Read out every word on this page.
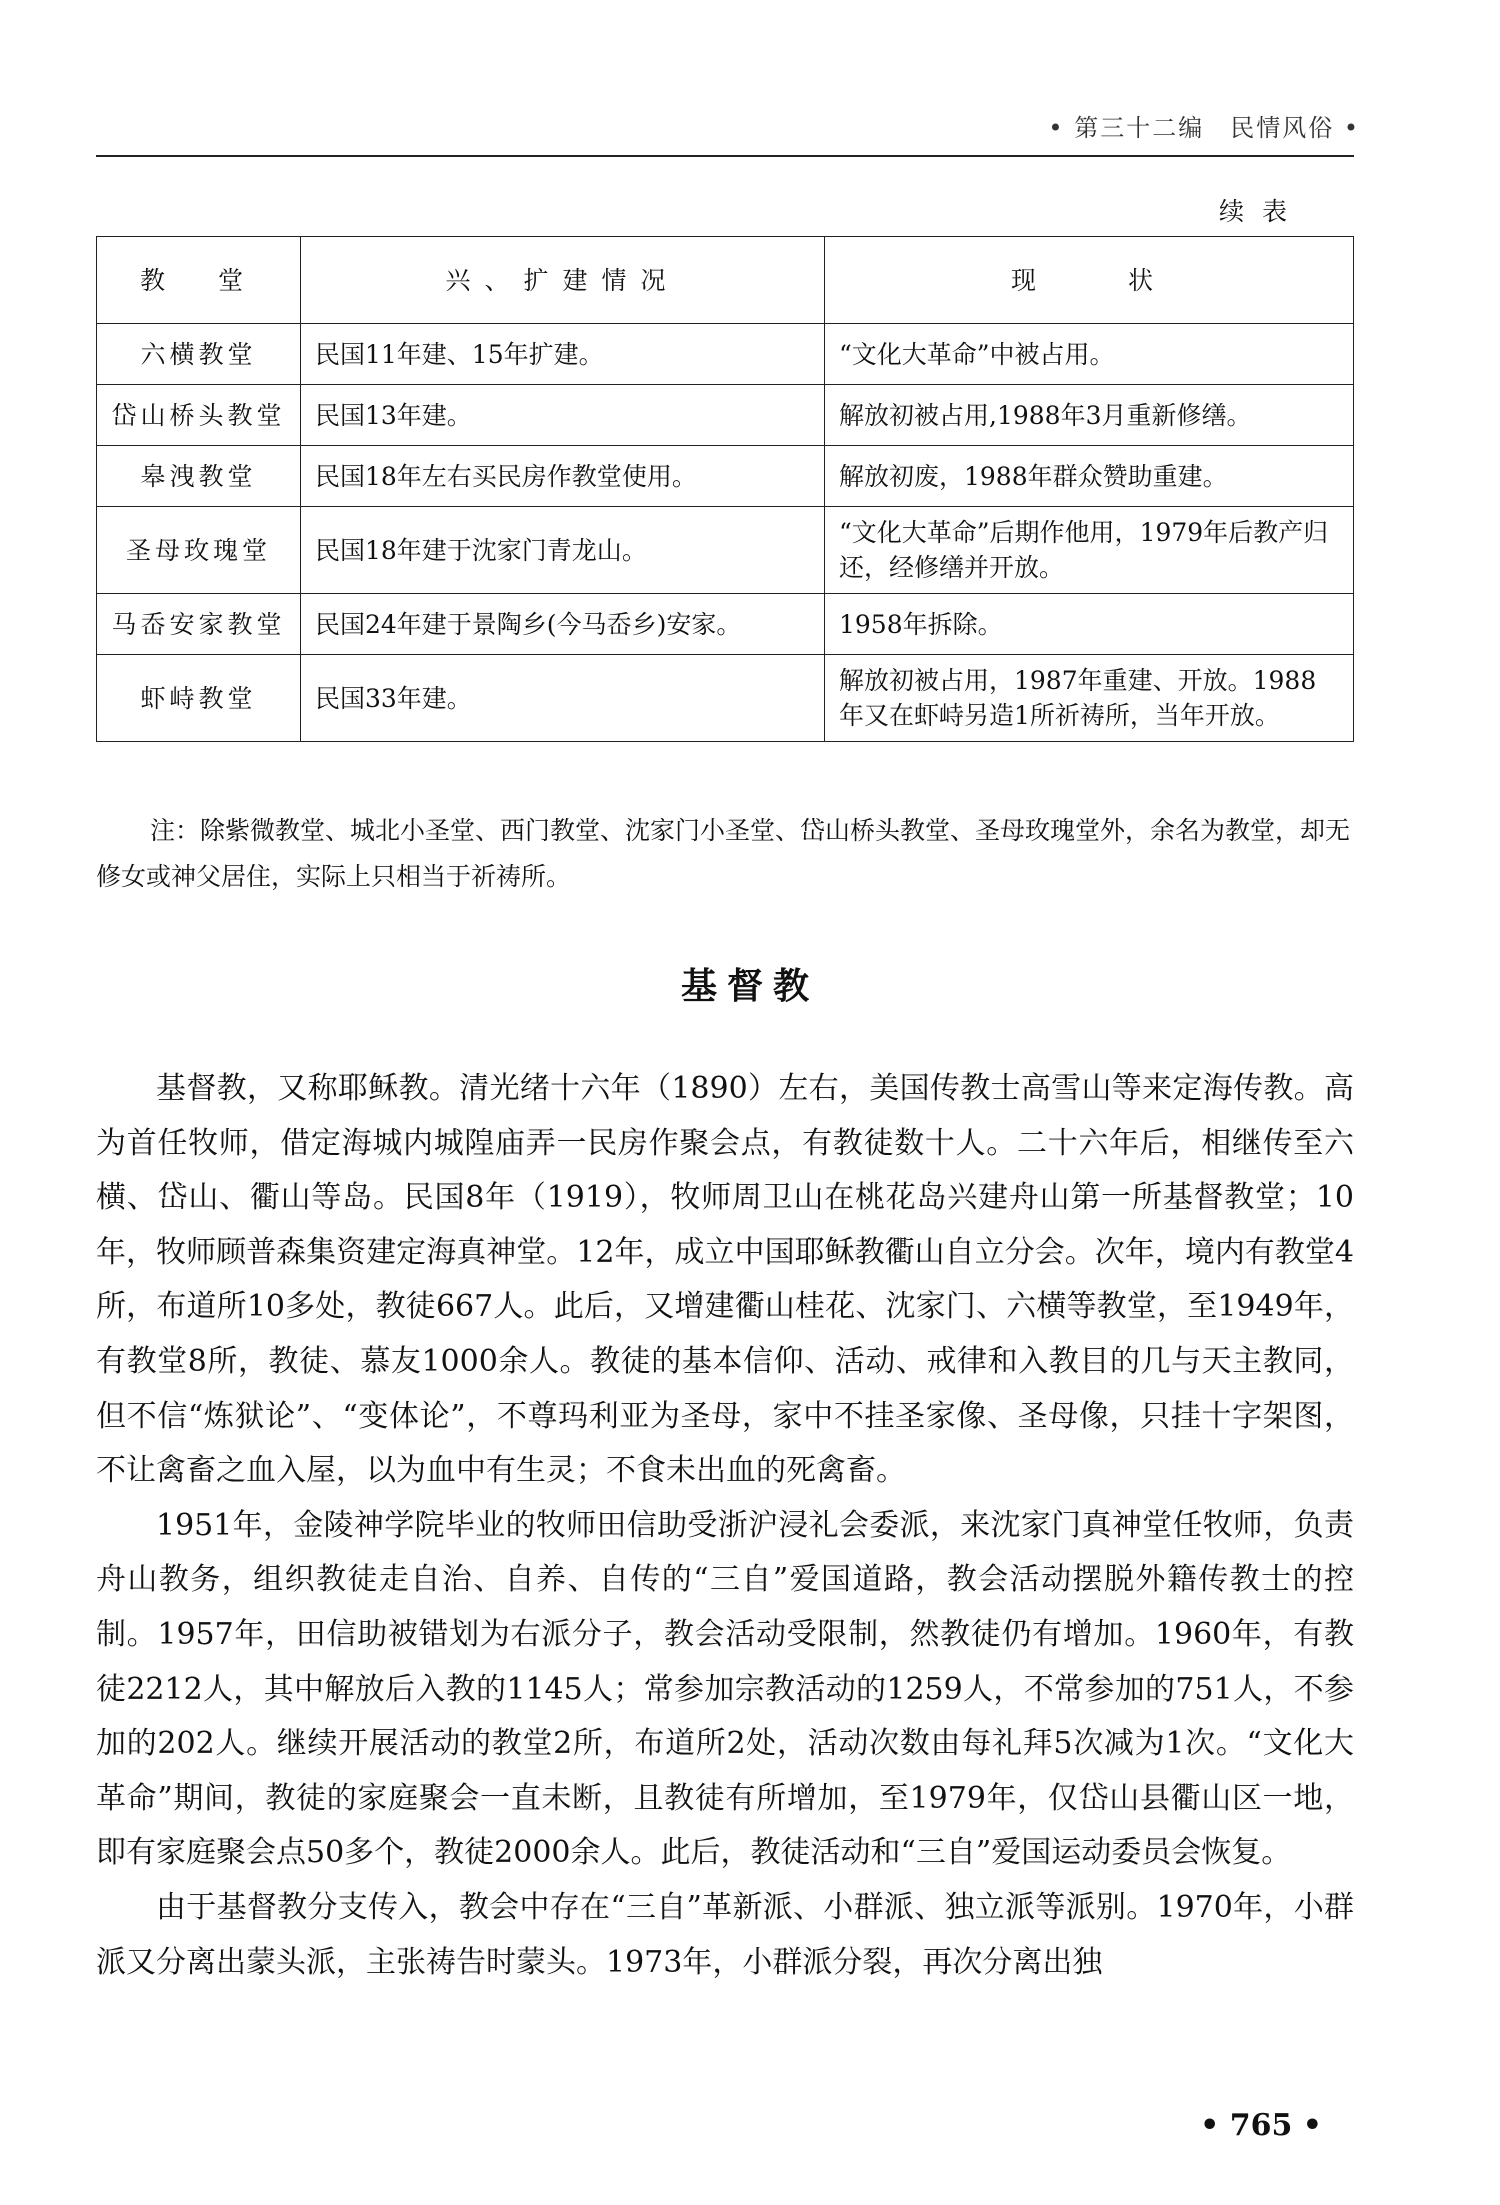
• 第三十二编　民情风俗 •
续表
教　堂	兴、扩建情况	现　　状
六横教堂	民国11年建、15年扩建。	“文化大革命”中被占用。
岱山桥头教堂	民国13年建。	解放初被占用,1988年3月重新修缮。
皋洩教堂	民国18年左右买民房作教堂使用。	解放初废，1988年群众赞助重建。
圣母玫瑰堂	民国18年建于沈家门青龙山。	“文化大革命”后期作他用，1979年后教产归还，经修缮并开放。
马岙安家教堂	民国24年建于景陶乡(今马岙乡)安家。	1958年拆除。
虾峙教堂	民国33年建。	解放初被占用，1987年重建、开放。1988年又在虾峙另造1所祈祷所，当年开放。
注：除紫微教堂、城北小圣堂、西门教堂、沈家门小圣堂、岱山桥头教堂、圣母玫瑰堂外，余名为教堂，却无修女或神父居住，实际上只相当于祈祷所。
基督教

基督教，又称耶稣教。清光绪十六年（1890）左右，美国传教士高雪山等来定海传教。高为首任牧师，借定海城内城隍庙弄一民房作聚会点，有教徒数十人。二十六年后，相继传至六横、岱山、衢山等岛。民国8年（1919），牧师周卫山在桃花岛兴建舟山第一所基督教堂；10年，牧师顾普森集资建定海真神堂。12年，成立中国耶稣教衢山自立分会。次年，境内有教堂4所，布道所10多处，教徒667人。此后，又增建衢山桂花、沈家门、六横等教堂，至1949年，有教堂8所，教徒、慕友1000余人。教徒的基本信仰、活动、戒律和入教目的几与天主教同，但不信“炼狱论”、“变体论”，不尊玛利亚为圣母，家中不挂圣家像、圣母像，只挂十字架图，不让禽畜之血入屋，以为血中有生灵；不食未出血的死禽畜。

1951年，金陵神学院毕业的牧师田信助受浙沪浸礼会委派，来沈家门真神堂任牧师，负责舟山教务，组织教徒走自治、自养、自传的“三自”爱国道路，教会活动摆脱外籍传教士的控制。1957年，田信助被错划为右派分子，教会活动受限制，然教徒仍有增加。1960年，有教徒2212人，其中解放后入教的1145人；常参加宗教活动的1259人，不常参加的751人，不参加的202人。继续开展活动的教堂2所，布道所2处，活动次数由每礼拜5次减为1次。“文化大革命”期间，教徒的家庭聚会一直未断，且教徒有所增加，至1979年，仅岱山县衢山区一地，即有家庭聚会点50多个，教徒2000余人。此后，教徒活动和“三自”爱国运动委员会恢复。

由于基督教分支传入，教会中存在“三自”革新派、小群派、独立派等派别。1970年，小群派又分离出蒙头派，主张祷告时蒙头。1973年，小群派分裂，再次分离出独

• 765 •
